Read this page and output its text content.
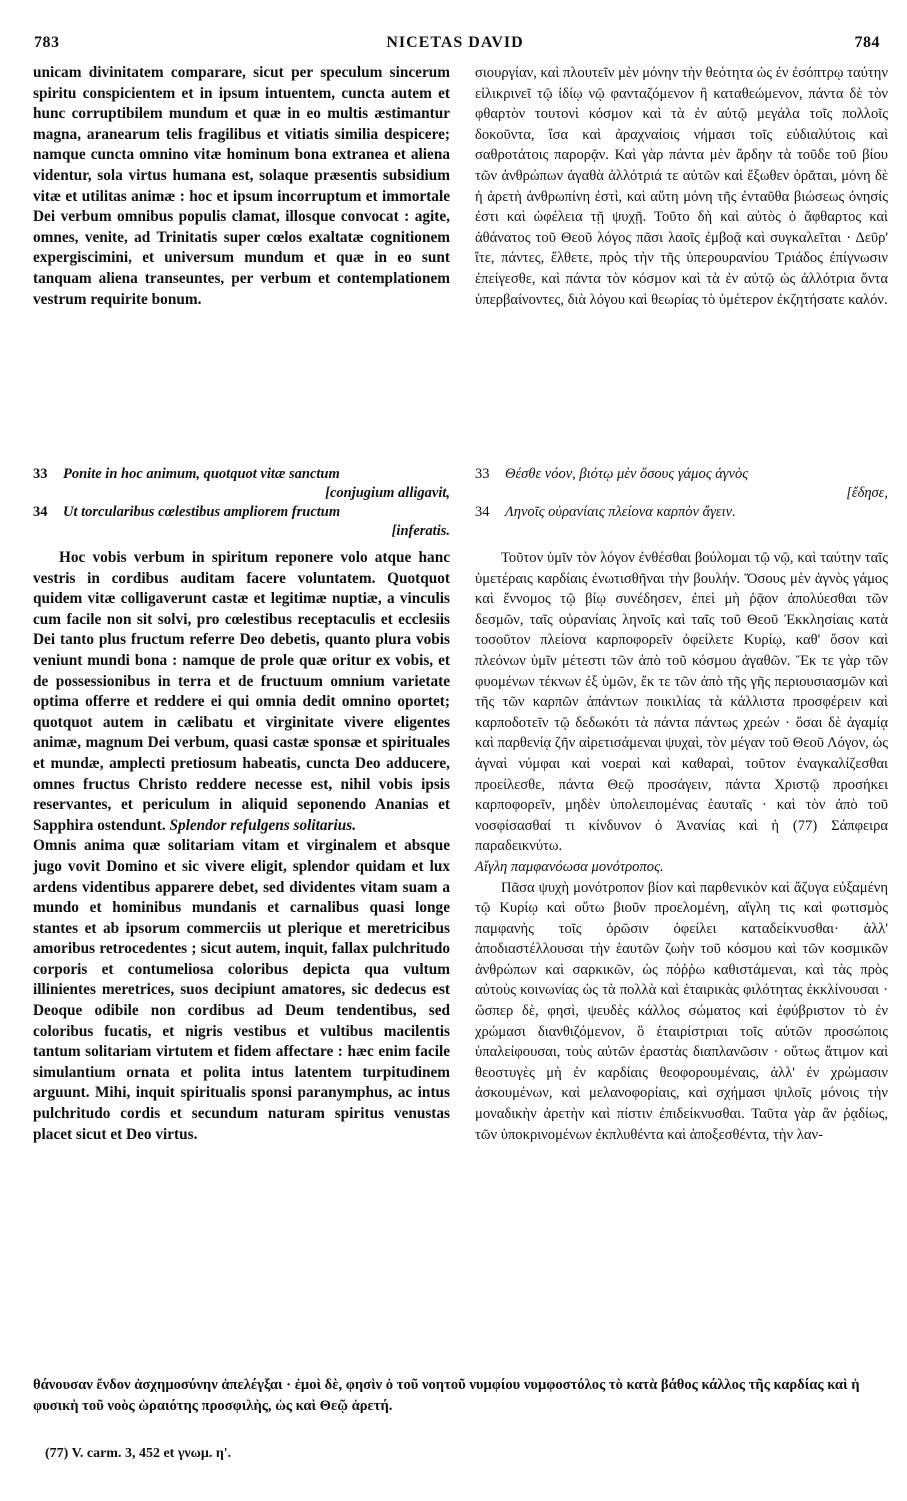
783	NICETAS DAVID	784

unicam divinitatem comparare, sicut per speculum sincerum spiritu conspicientem et in ipsum intuentem, cuncta autem et hunc corruptibilem mundum et quæ in eo multis æstimantur magna, aranearum telis fragilibus et vitiatis similia despicere; namque cuncta omnino vitæ hominum bona extranea et aliena videntur, sola virtus humana est, solaque præsentis subsidium vitæ et utilitas animæ : hoc et ipsum incorruptum et immortale Dei verbum omnibus populis clamat, illosque convocat : agite, omnes, venite, ad Trinitatis super cœlos exaltatæ cognitionem expergiscimini, et universum mundum et quæ in eo sunt tanquam aliena transeuntes, per verbum et contemplationem vestrum requirite bonum.

σιουργίαν, καὶ πλουτεῖν μὲν μόνην τὴν θεότητα ὡς ἐν ἐσόπτρῳ ταύτην εἰλικρινεῖ τῷ ἰδίῳ νῷ φανταζόμενον ἢ καταθεώμενον, πάντα δὲ τὸν φθαρτὸν τουτονὶ κόσμον καὶ τὰ ἐν αὐτῷ μεγάλα τοῖς πολλοῖς δοκοῦντα, ἴσα καὶ ἀραχναίοις νήμασι τοῖς εὐδιαλύτοις καὶ σαθροτάτοις παρορᾷν. Καὶ γὰρ πάντα μὲν ἄρδην τὰ τοῦδε τοῦ βίου τῶν ἀνθρώπων ἀγαθὰ ἀλλότριά τε αὐτῶν καὶ ἔξωθεν ὁρᾶται, μόνη δὲ ἡ ἀρετὴ ἀνθρωπίνη ἐστὶ, καὶ αὕτη μόνη τῆς ἐνταῦθα βιώσεως ὀνησίς ἐστι καὶ ὠφέλεια τῇ ψυχῇ. Τοῦτο δὴ καὶ αὐτὸς ὁ ἄφθαρτος καὶ ἀθάνατος τοῦ Θεοῦ λόγος πᾶσι λαοῖς ἐμβοᾷ καὶ συγκαλεῖται · Δεῦρ' ἴτε, πάντες, ἔλθετε, πρὸς τὴν τῆς ὑπερουρανίου Τριάδος ἐπίγνωσιν ἐπείγεσθε, καὶ πάντα τὸν κόσμον καὶ τὰ ἐν αὐτῷ ὡς ἀλλότρια ὄντα ὑπερβαίνοντες, διὰ λόγου καὶ θεωρίας τὸ ὑμέτερον ἐκζητήσατε καλόν.

33 Ponite in hoc animum, quotquot vitæ sanctum

[conjugium alligavit,

34 Ut torcularibus cœlestibus ampliorem fructum

[inferatis.

33 Θέσθε νόον, βιότῳ μὲν ὅσους γάμος ἁγνὸς

[ἔδησε,

34 Ληνοῖς οὐρανίαις πλείονα καρπὸν ἄγειν.

Hoc vobis verbum in spiritum reponere volo atque hanc vestris in cordibus auditam facere voluntatem. Quotquot quidem vitæ colligaverunt castæ et legitimæ nuptiæ, a vinculis cum facile non sit solvi, pro cœlestibus receptaculis et ecclesiis Dei tanto plus fructum referre Deo debetis, quanto plura vobis veniunt mundi bona : namque de prole quæ oritur ex vobis, et de possessionibus in terra et de fructuum omnium varietate optima offerre et reddere ei qui omnia dedit omnino oportet; quotquot autem in cælibatu et virginitate vivere eligentes animæ, magnum Dei verbum, quasi castæ sponsæ et spirituales et mundæ, amplecti pretiosum habeatis, cuncta Deo adducere, omnes fructus Christo reddere necesse est, nihil vobis ipsis reservantes, et periculum in aliquid seponendo Ananias et Sapphira ostendunt. Splendor refulgens solitarius.

Omnis anima quæ solitariam vitam et virginalem et absque jugo vovit Domino et sic vivere eligit, splendor quidam et lux ardens videntibus apparere debet, sed dividentes vitam suam a mundo et hominibus mundanis et carnalibus quasi longe stantes et ab ipsorum commerciis ut plerique et meretricibus amoribus retrocedentes ; sicut autem, inquit, fallax pulchritudo corporis et contumeliosa coloribus depicta qua vultum illinientes meretrices, suos decipiunt amatores, sic dedecus est Deoque odibile non cordibus ad Deum tendentibus, sed coloribus fucatis, et nigris vestibus et vultibus macilentis tantum solitariam virtutem et fidem affectare : hæc enim facile simulantium ornata et polita intus latentem turpitudinem arguunt. Mihi, inquit spiritualis sponsi paranymphus, ac intus pulchritudo cordis et secundum naturam spiritus venustas placet sicut et Deo virtus.

Τοῦτον ὑμῖν τὸν λόγον ἐνθέσθαι βούλομαι τῷ νῷ, καὶ ταύτην ταῖς ὑμετέραις καρδίαις ἐνωτισθῆναι τὴν βουλήν. Ὅσους μὲν ἁγνὸς γάμος καὶ ἔννομος τῷ βίῳ συνέδησεν, ἐπεὶ μὴ ῥᾷον ἀπολύεσθαι τῶν δεσμῶν, ταῖς οὐρανίαις ληνοῖς καὶ ταῖς τοῦ Θεοῦ Ἐκκλησίαις κατὰ τοσοῦτον πλείονα καρποφορεῖν ὀφείλετε Κυρίῳ, καθ' ὅσον καὶ πλεόνων ὑμῖν μέτεστι τῶν ἀπὸ τοῦ κόσμου ἀγαθῶν. Ἔκ τε γὰρ τῶν φυομένων τέκνων ἐξ ὑμῶν, ἔκ τε τῶν ἀπὸ τῆς γῆς περιουσιασμῶν καὶ τῆς τῶν καρπῶν ἁπάντων ποικιλίας τὰ κάλλιστα προσφέρειν καὶ καρποδοτεῖν τῷ δεδωκότι τὰ πάντα πάντως χρεών · ὅσαι δὲ ἀγαμίᾳ καὶ παρθενίᾳ ζῆν αἱρετισάμεναι ψυχαὶ, τὸν μέγαν τοῦ Θεοῦ Λόγον, ὡς ἁγναὶ νύμφαι καὶ νοεραὶ καὶ καθαραὶ, τοῦτον ἐναγκαλίζεσθαι προείλεσθε, πάντα Θεῷ προσάγειν, πάντα Χριστῷ προσήκει καρποφορεῖν, μηδὲν ὑπολειπομένας ἑαυταῖς · καὶ τὸν ἀπὸ τοῦ νοσφίσασθαί τι κίνδυνον ὁ Ἀνανίας καὶ ἡ (77) Σάπφειρα παραδεικνύτω.

Αἴγλη παμφανόωσα μονότροπος.

Πᾶσα ψυχὴ μονότροπον βίον καὶ παρθενικὸν καὶ ἄζυγα εὐξαμένη τῷ Κυρίῳ καὶ οὕτω βιοῦν προελομένη, αἴγλη τις καὶ φωτισμὸς παμφανὴς τοῖς ὁρῶσιν ὀφείλει καταδείκνυσθαι· ἀλλ' ἀποδιαστέλλουσαι τὴν ἑαυτῶν ζωὴν τοῦ κόσμου καὶ τῶν κοσμικῶν ἀνθρώπων καὶ σαρκικῶν, ὡς πόῤῥω καθιστάμεναι, καὶ τὰς πρὸς αὐτοὺς κοινωνίας ὡς τὰ πολλὰ καὶ ἑταιρικὰς φιλότητας ἐκκλίνουσαι · ὥσπερ δὲ, φησὶ, ψευδὲς κάλλος σώματος καὶ ἐφύβριστον τὸ ἐν χρώμασι διανθιζόμενον, ὃ ἑταιρίστριαι τοῖς αὐτῶν προσώποις ὑπαλείφουσαι, τοὺς αὐτῶν ἐραστὰς διαπλανῶσιν · οὕτως ἄτιμον καὶ θεοστυγὲς μὴ ἐν καρδίαις θεοφορουμέναις, ἀλλ' ἐν χρώμασιν ἀσκουμένων, καὶ μελανοφορίαις, καὶ σχήμασι ψιλοῖς μόνοις τὴν μοναδικὴν ἀρετὴν καὶ πίστιν ἐπιδείκνυσθαι. Ταῦτα γὰρ ἂν ῥᾳδίως, τῶν ὑποκρινομένων ἐκπλυθέντα καὶ ἀποξεσθέντα, τὴν λαν-

θάνουσαν ἔνδον ἀσχημοσύνην ἀπελέγξαι · ἐμοὶ δὲ, φησὶν ὁ τοῦ νοητοῦ νυμφίου νυμφοστόλος τὸ κατὰ βάθος κάλλος τῆς καρδίας καὶ ἡ φυσικὴ τοῦ νοὸς ὡραιότης προσφιλὴς, ὡς καὶ Θεῷ ἀρετή.

(77) V. carm. 3, 452 et γνωμ. η'.
